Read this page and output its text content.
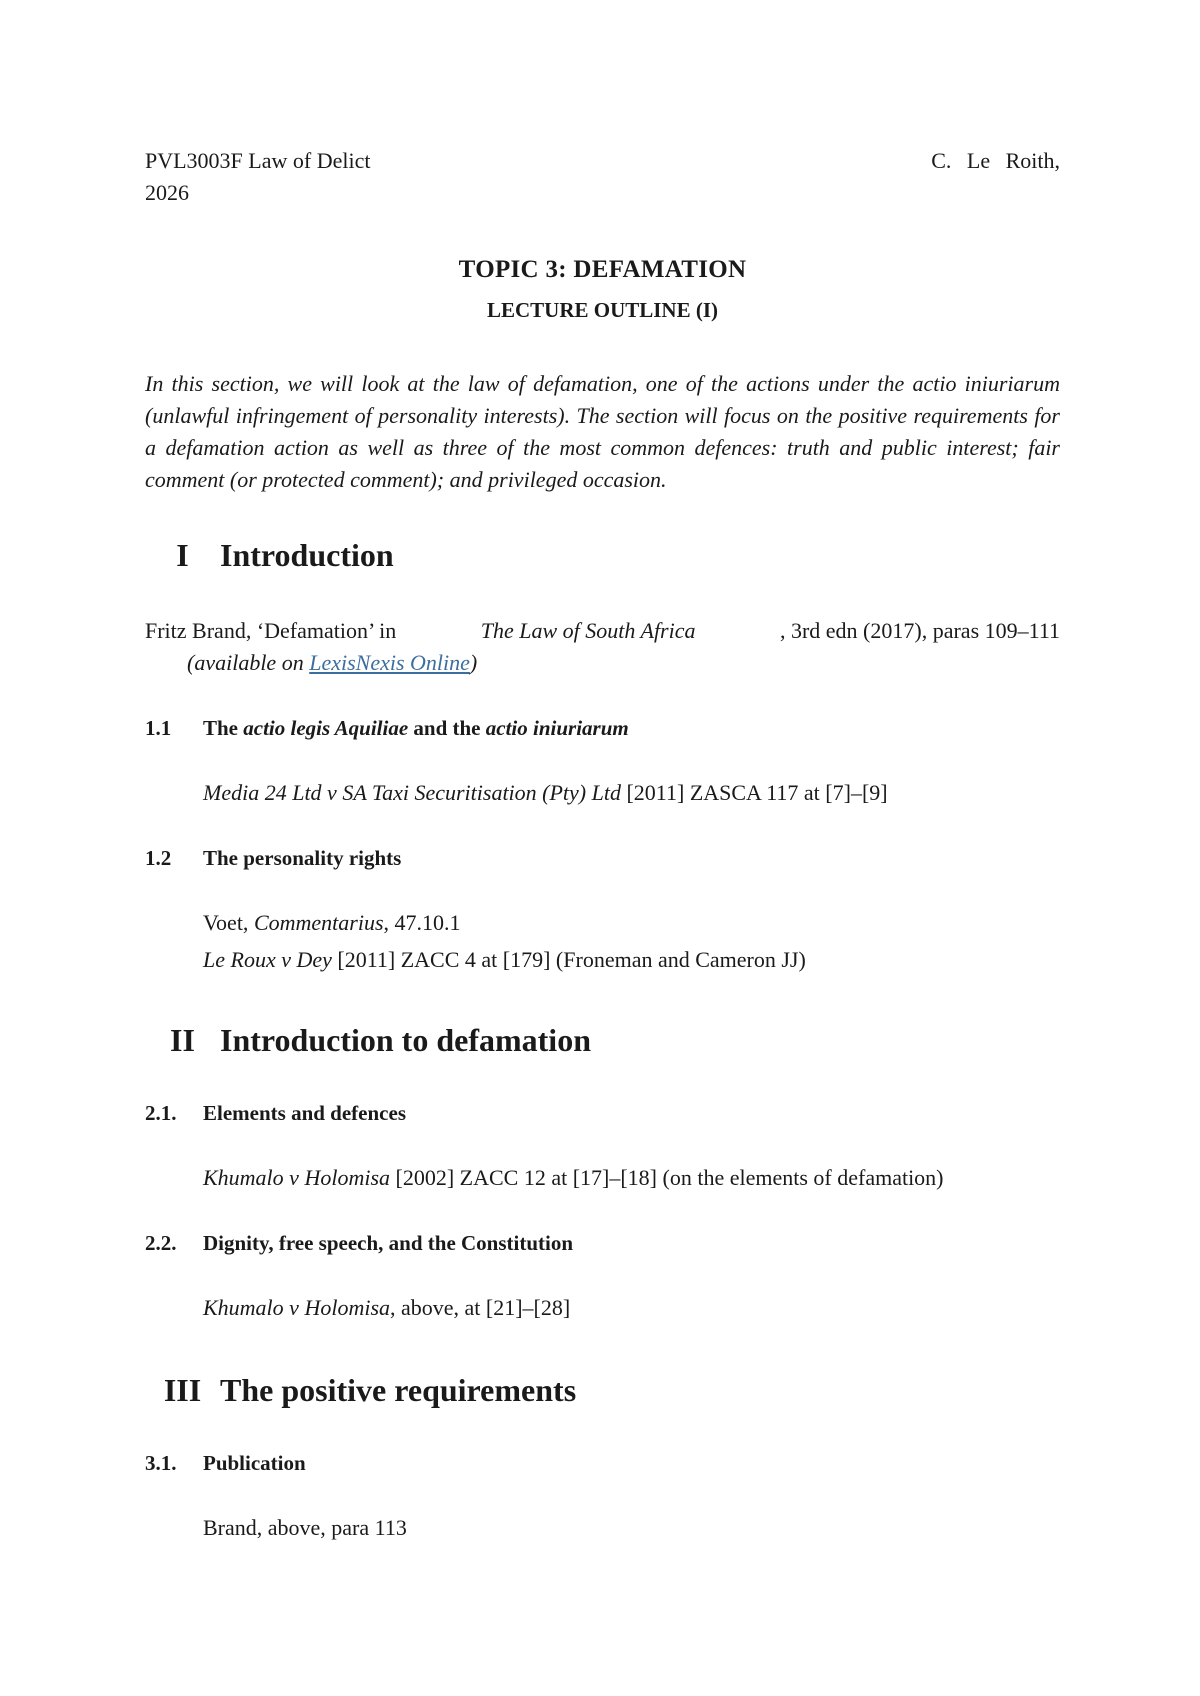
PVL3003F Law of Delict	C. Le Roith,
2026
TOPIC 3: DEFAMATION
LECTURE OUTLINE (I)
In this section, we will look at the law of defamation, one of the actions under the actio iniuriarum (unlawful infringement of personality interests). The section will focus on the positive requirements for a defamation action as well as three of the most common defences: truth and public interest; fair comment (or protected comment); and privileged occasion.
I Introduction
Fritz Brand, ‘Defamation’ in	The Law of South Africa	, 3rd edn (2017), paras 109–111
(available on LexisNexis Online)
1.1 The actio legis Aquiliae and the actio iniuriarum
Media 24 Ltd v SA Taxi Securitisation (Pty) Ltd [2011] ZASCA 117 at [7]–[9]
1.2 The personality rights
Voet, Commentarius, 47.10.1
Le Roux v Dey [2011] ZACC 4 at [179] (Froneman and Cameron JJ)
II Introduction to defamation
2.1. Elements and defences
Khumalo v Holomisa [2002] ZACC 12 at [17]–[18] (on the elements of defamation)
2.2. Dignity, free speech, and the Constitution
Khumalo v Holomisa, above, at [21]–[28]
III The positive requirements
3.1. Publication
Brand, above, para 113
